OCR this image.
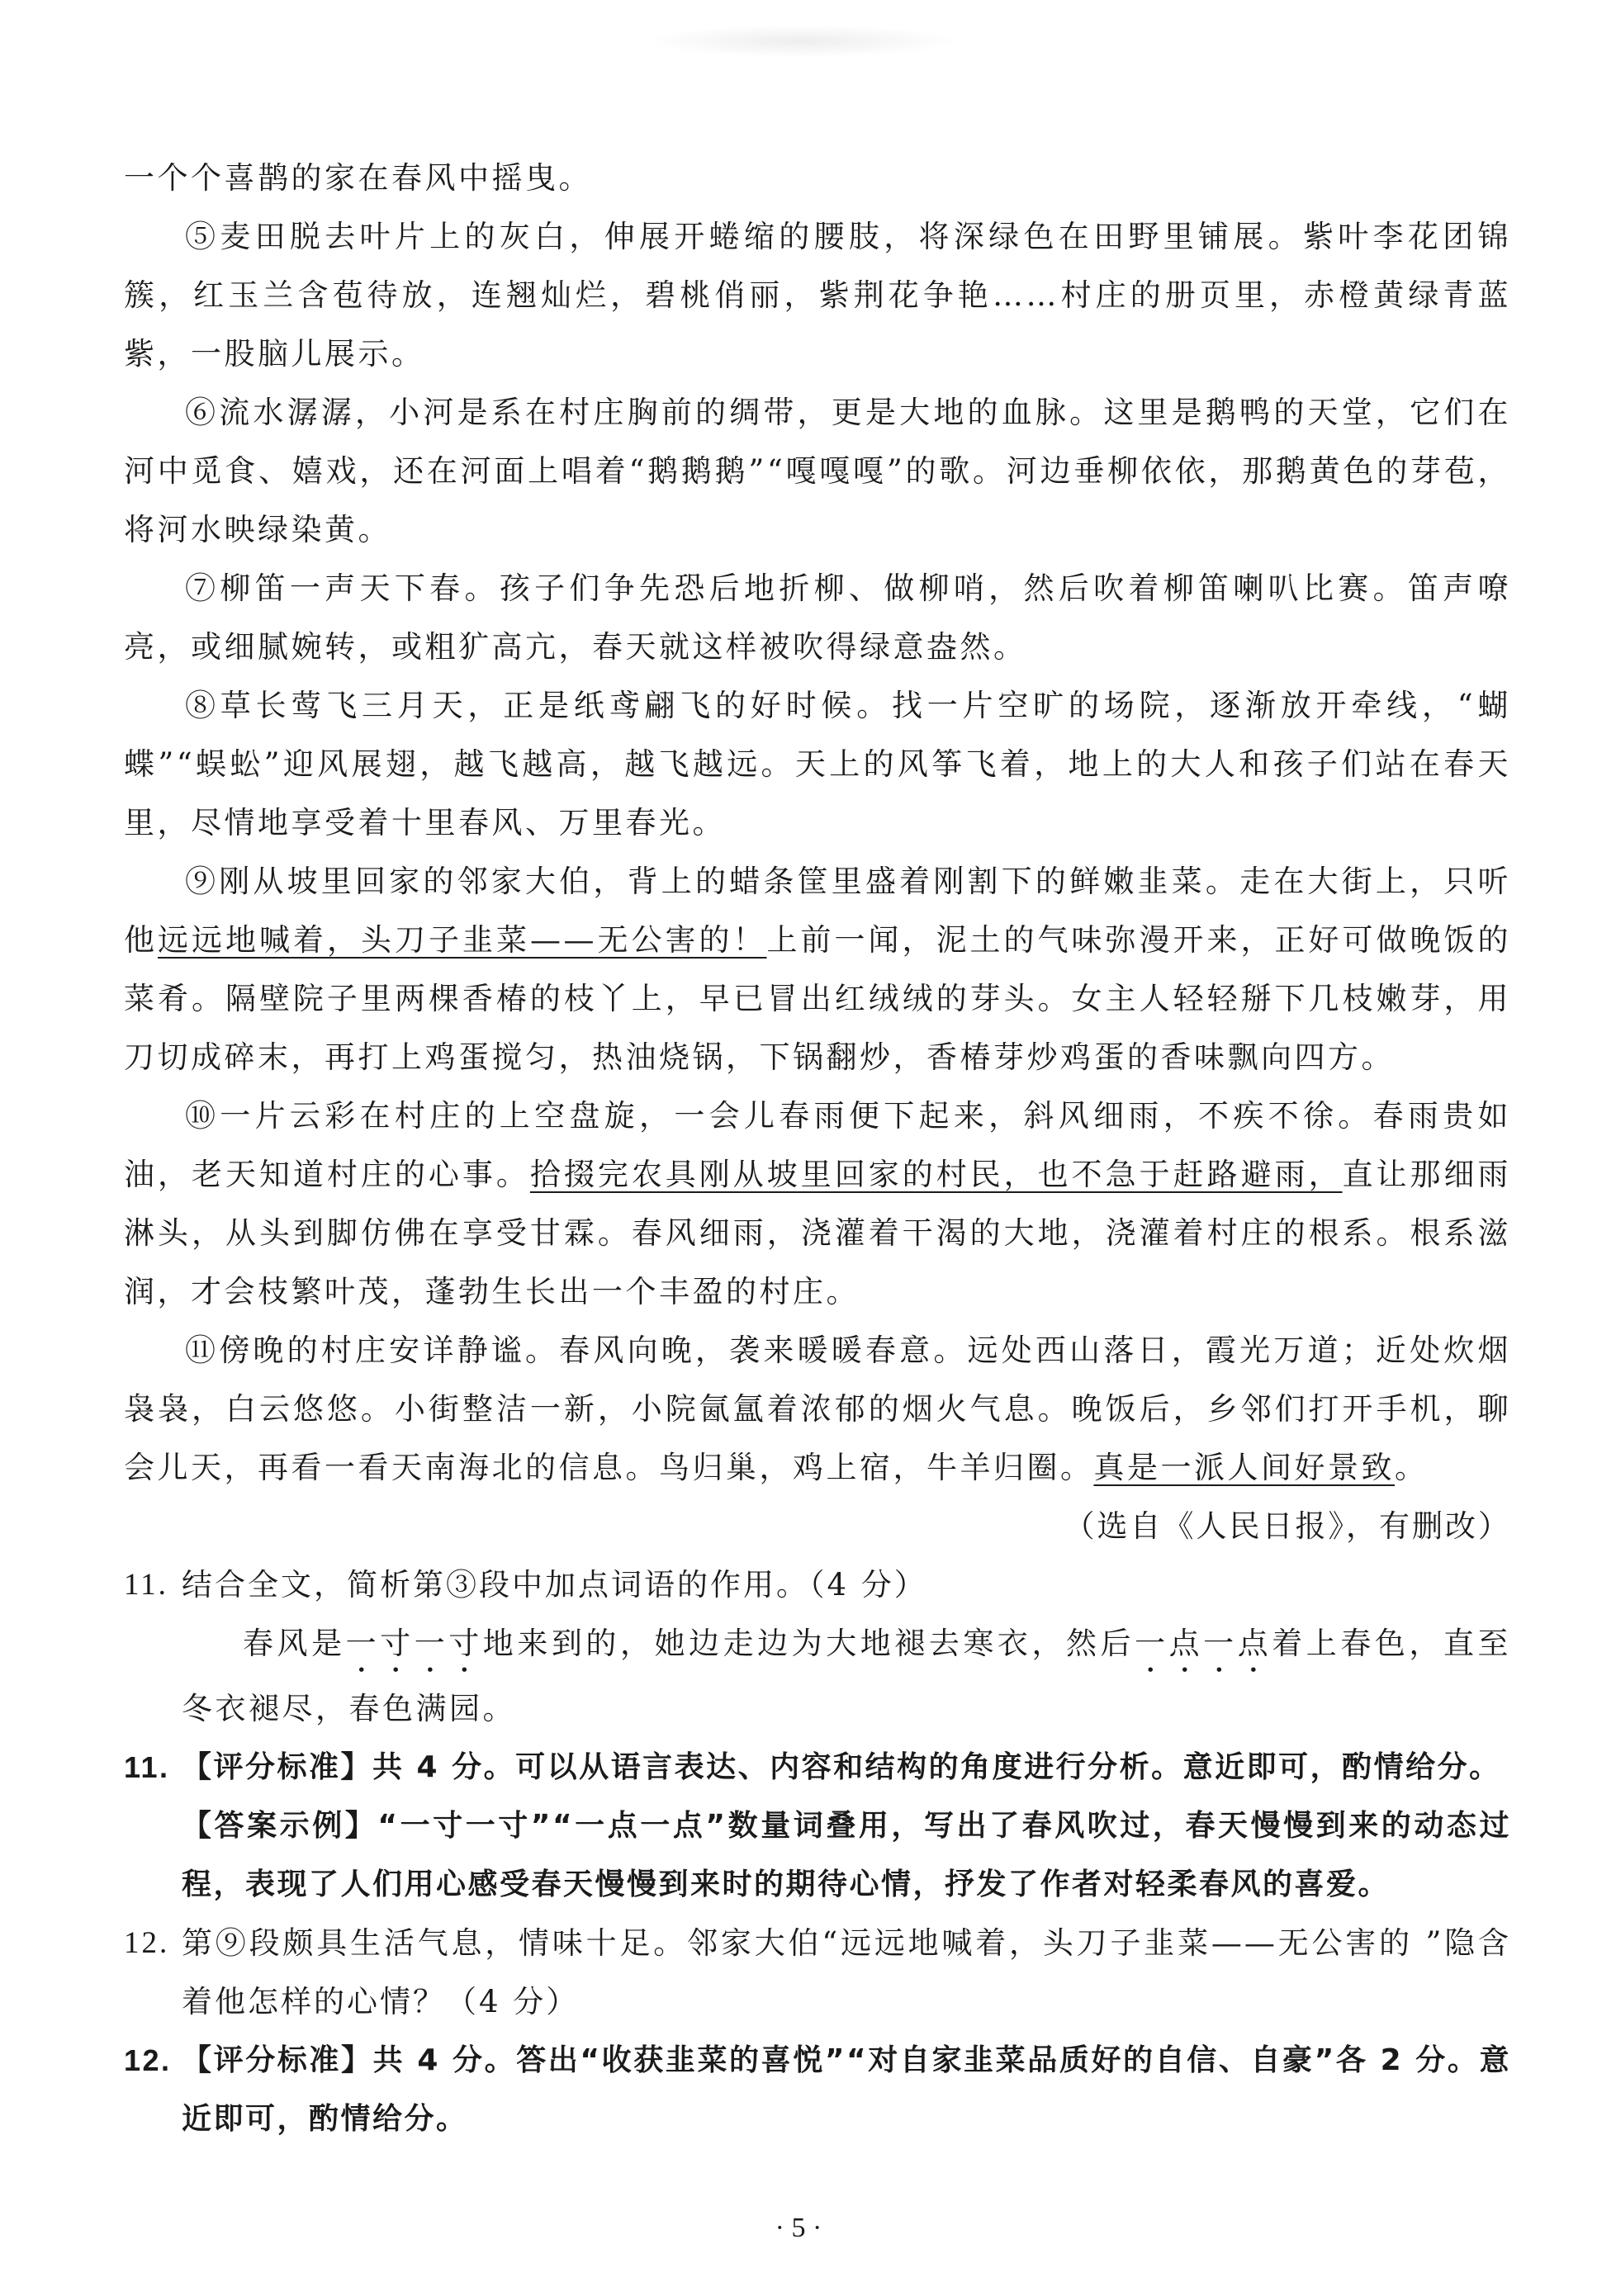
一个个喜鹊的家在春风中摇曳。

⑤麦田脱去叶片上的灰白，伸展开蜷缩的腰肢，将深绿色在田野里铺展。紫叶李花团锦簇，红玉兰含苞待放，连翘灿烂，碧桃俏丽，紫荆花争艳……村庄的册页里，赤橙黄绿青蓝紫，一股脑儿展示。

⑥流水潺潺，小河是系在村庄胸前的绸带，更是大地的血脉。这里是鹅鸭的天堂，它们在河中觅食、嬉戏，还在河面上唱着“鹅鹅鹅”“嘎嘎嘎”的歌。河边垂柳依依，那鹅黄色的芽苞，将河水映绿染黄。

⑦柳笛一声天下春。孩子们争先恐后地折柳、做柳哨，然后吹着柳笛喇叭比赛。笛声嘹亮，或细腻婉转，或粗犷高亢，春天就这样被吹得绿意盎然。

⑧草长莺飞三月天，正是纸鸢翩飞的好时候。找一片空旷的场院，逐渐放开牵线，“蝴蝶”“蜈蚣”迎风展翅，越飞越高，越飞越远。天上的风筝飞着，地上的大人和孩子们站在春天里，尽情地享受着十里春风、万里春光。

⑨刚从坡里回家的邻家大伯，背上的蜡条筐里盛着刚割下的鲜嫩韭菜。走在大街上，只听他远远地喊着，头刀子韭菜——无公害的！上前一闻，泥土的气味弥漫开来，正好可做晚饭的菜肴。隔壁院子里两棵香椿的枝丫上，早已冒出红绒绒的芽头。女主人轻轻掰下几枝嫩芽，用刀切成碎末，再打上鸡蛋搅匀，热油烧锅，下锅翻炒，香椿芽炒鸡蛋的香味飘向四方。

⑩一片云彩在村庄的上空盘旋，一会儿春雨便下起来，斜风细雨，不疾不徐。春雨贵如油，老天知道村庄的心事。拾掇完农具刚从坡里回家的村民，也不急于赶路避雨，直让那细雨淋头，从头到脚仿佛在享受甘霖。春风细雨，浇灌着干渴的大地，浇灌着村庄的根系。根系滋润，才会枝繁叶茂，蓬勃生长出一个丰盈的村庄。

⑪傍晚的村庄安详静谧。春风向晚，袭来暖暖春意。远处西山落日，霞光万道；近处炊烟袅袅，白云悠悠。小街整洁一新，小院氤氲着浓郁的烟火气息。晚饭后，乡邻们打开手机，聊会儿天，再看一看天南海北的信息。鸟归巢，鸡上宿，牛羊归圈。真是一派人间好景致。

（选自《人民日报》，有删改）
11. 结合全文，简析第③段中加点词语的作用。（4 分）

春风是一寸一寸地来到的，她边走边为大地褪去寒衣，然后一点一点着上春色，直至冬衣褪尽，春色满园。

11. 【评分标准】共 4 分。可以从语言表达、内容和结构的角度进行分析。意近即可，酌情给分。

【答案示例】“一寸一寸”“一点一点”数量词叠用，写出了春风吹过，春天慢慢到来的动态过程，表现了人们用心感受春天慢慢到来时的期待心情，抒发了作者对轻柔春风的喜爱。

12. 第⑨段颇具生活气息，情味十足。邻家大伯“远远地喊着，头刀子韭菜——无公害的 ”隐含着他怎样的心情？（4 分）
12. 【评分标准】共 4 分。答出“收获韭菜的喜悦”“对自家韭菜品质好的自信、自豪”各 2 分。意近即可，酌情给分。
· 5 ·
